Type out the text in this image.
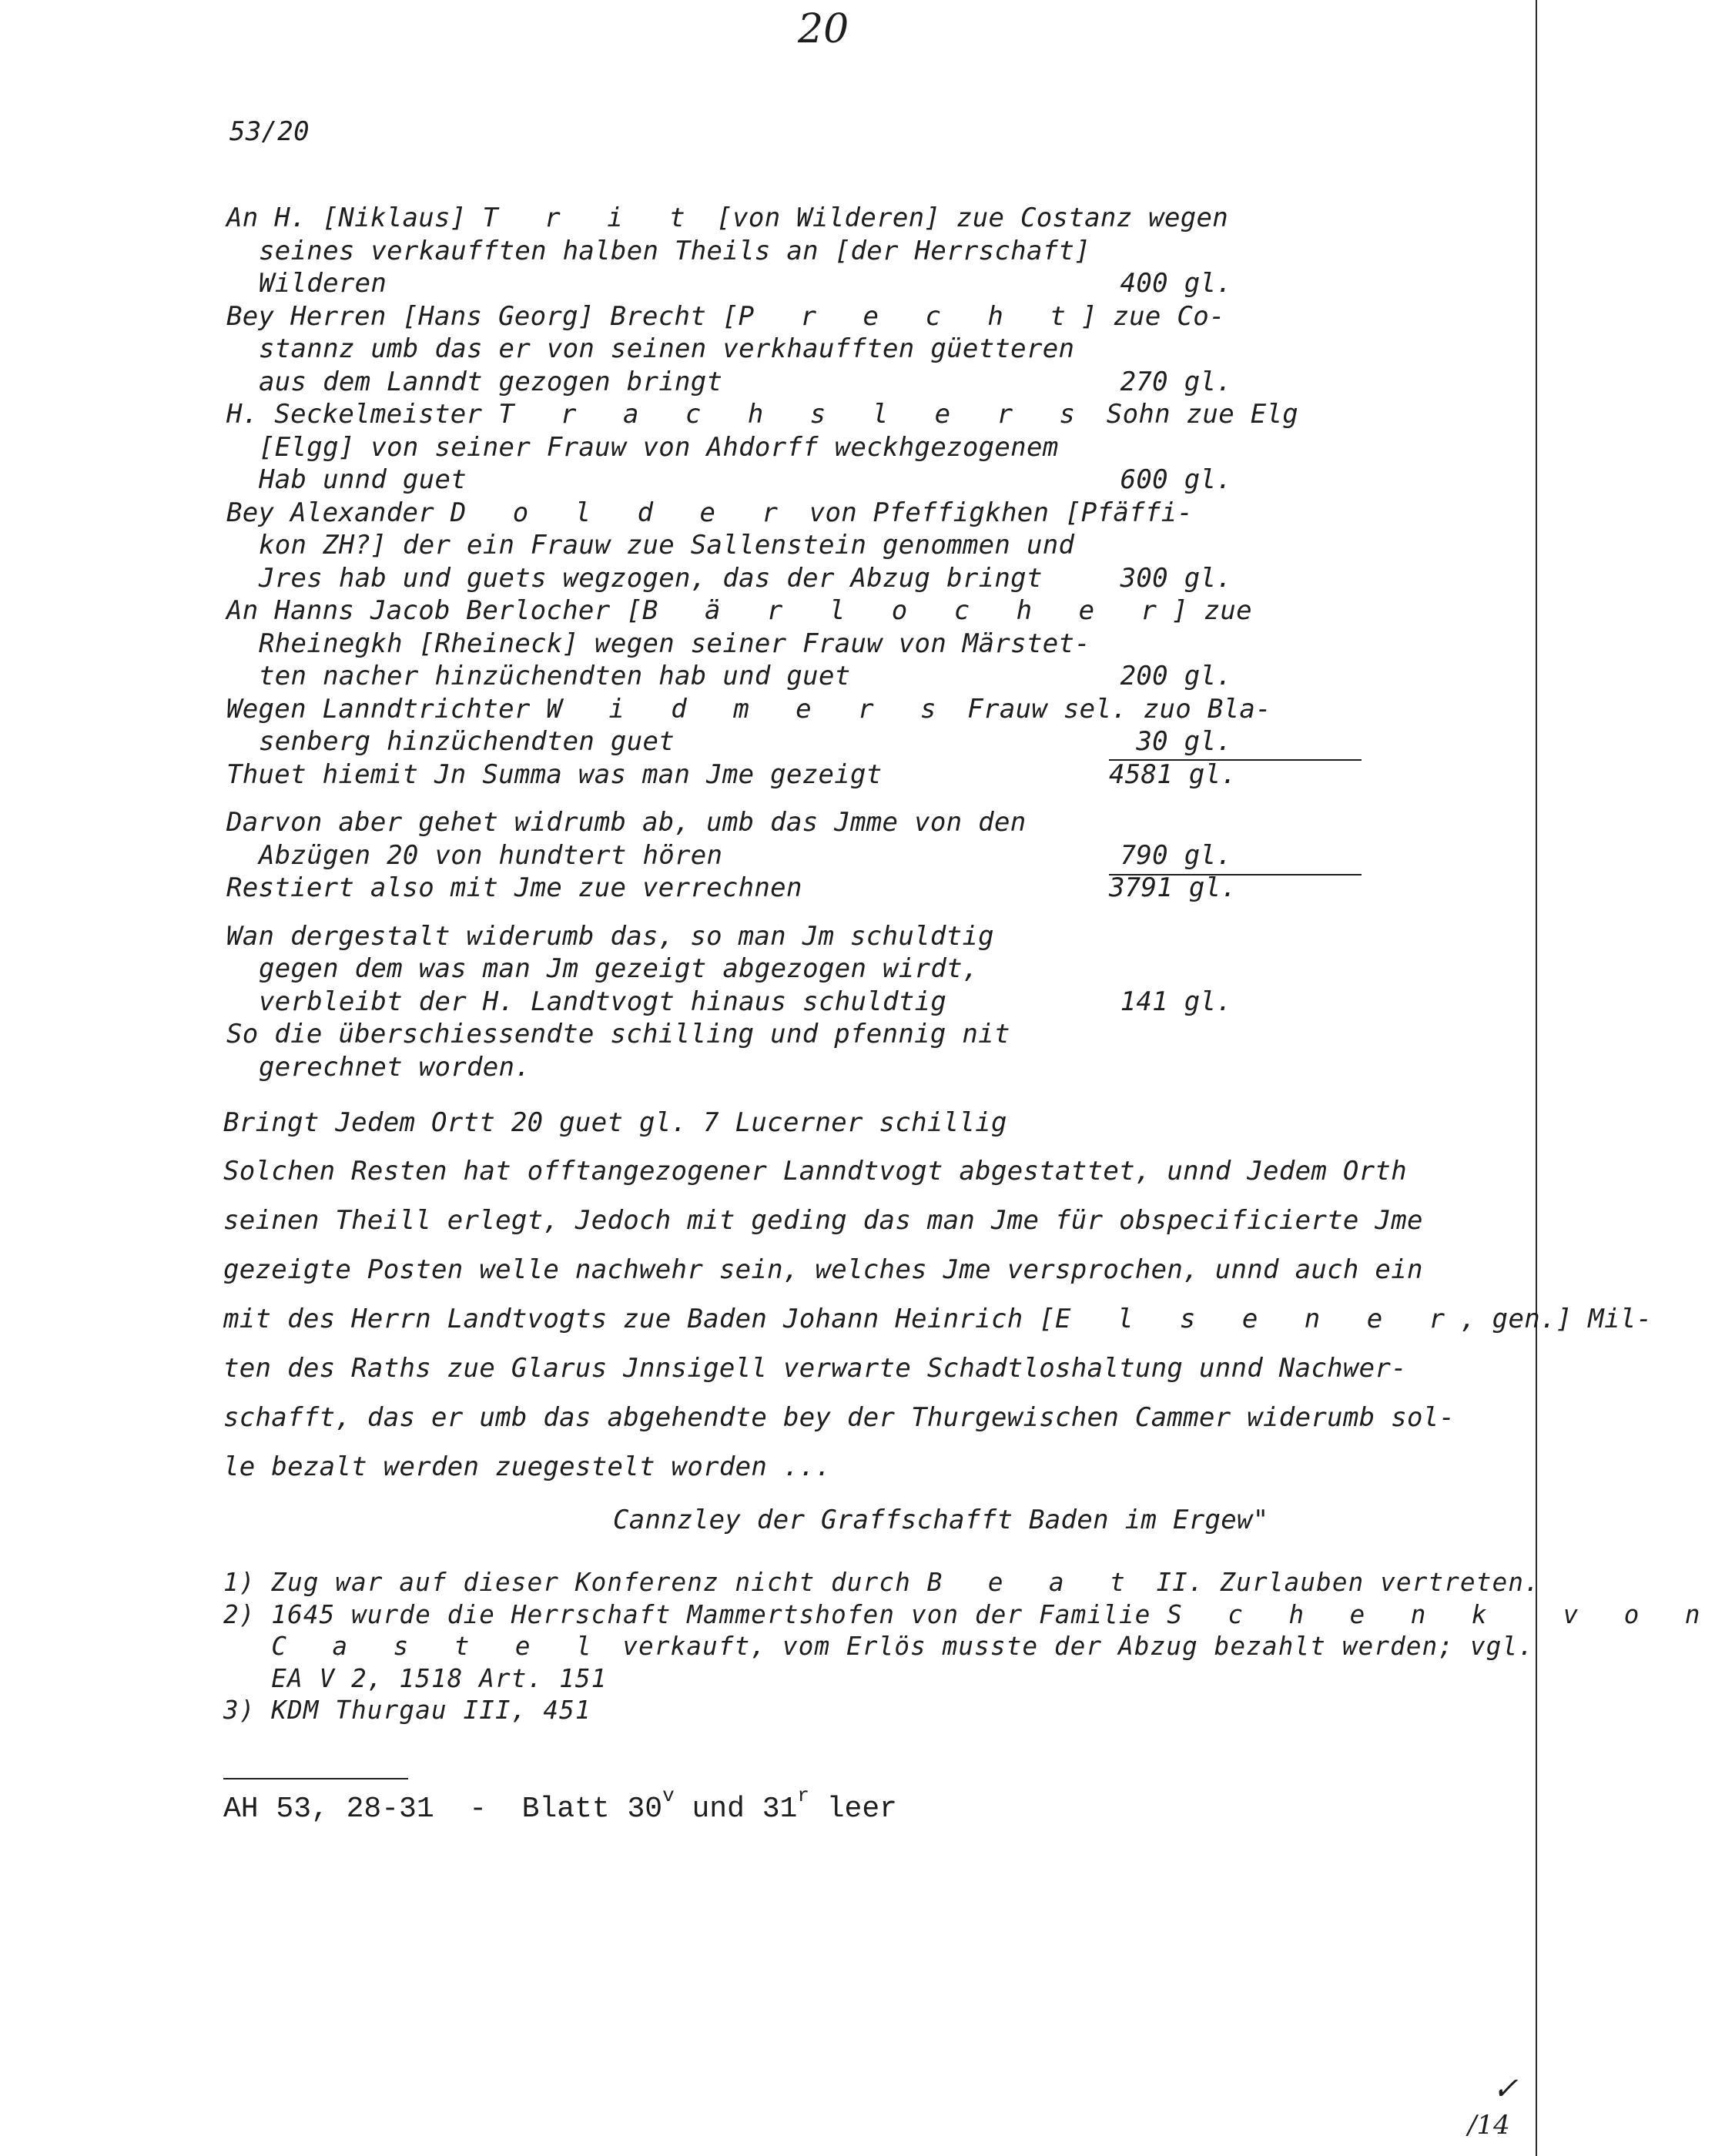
20
53/20
An H. [Niklaus] T r i t [von Wilderen] zue Costanz wegen
seines verkaufften halben Theils an [der Herrschaft]
Wilderen	400 gl.
Bey Herren [Hans Georg] Brecht [P r e c h t] zue Co-
stannz umb das er von seinen verkhaufften güetteren
aus dem Lanndt gezogen bringt	270 gl.
H. Seckelmeister T r a c h s l e r s Sohn zue Elg
[Elgg] von seiner Frauw von Ahdorff weckhgezogenem
Hab unnd guet	600 gl.
Bey Alexander D o l d e r von Pfeffigkhen [Pfäffi-
kon ZH?] der ein Frauw zue Sallenstein genommen und
Jres hab und guets wegzogen, das der Abzug bringt	300 gl.
An Hanns Jacob Berlocher [B ä r l o c h e r] zue
Rheinegkh [Rheineck] wegen seiner Frauw von Märstet-
ten nacher hinzüchendten hab und guet	200 gl.
Wegen Lanndtrichter W i d m e r s Frauw sel. zuo Bla-
senberg hinzüchendten guet	30 gl.
Thuet hiemit Jn Summa was man Jme gezeigt	4581 gl.
Darvon aber gehet widrumb ab, umb das Jmme von den
Abzügen 20 von hundtert hören	790 gl.
Restiert also mit Jme zue verrechnen	3791 gl.
Wan dergestalt widerumb das, so man Jm schuldtig
gegen dem was man Jm gezeigt abgezogen wirdt,
verbleibt der H. Landtvogt hinaus schuldtig	141 gl.
So die überschiessendte schilling und pfennig nit
gerechnet worden.
Bringt Jedem Ortt 20 guet gl. 7 Lucerner schillig
Solchen Resten hat offtangezogener Lanndtvogt abgestattet, unnd Jedem Orth
seinen Theill erlegt, Jedoch mit geding das man Jme für obspecificierte Jme
gezeigte Posten welle nachwehr sein, welches Jme versprochen, unnd auch ein
mit des Herrn Landtvogts zue Baden Johann Heinrich [E l s e n e r, gen.] Mil-
ten des Raths zue Glarus Jnnsigell verwarte Schadtloshaltung unnd Nachwer-
schafft, das er umb das abgehendte bey der Thurgewischen Cammer widerumb sol-
le bezalt werden zuegestelt worden ...
Cannzley der Graffschafft Baden im Ergew"
1) Zug war auf dieser Konferenz nicht durch B e a t II. Zurlauben vertreten.
2) 1645 wurde die Herrschaft Mammertshofen von der Familie S c h e n k  v o n
C a s t e l verkauft, vom Erlös musste der Abzug bezahlt werden; vgl.
EA V 2, 1518 Art. 151
3) KDM Thurgau III, 451
AH 53, 28-31  -  Blatt 30$^v$ und 31$^r$ leer
✓
/14
